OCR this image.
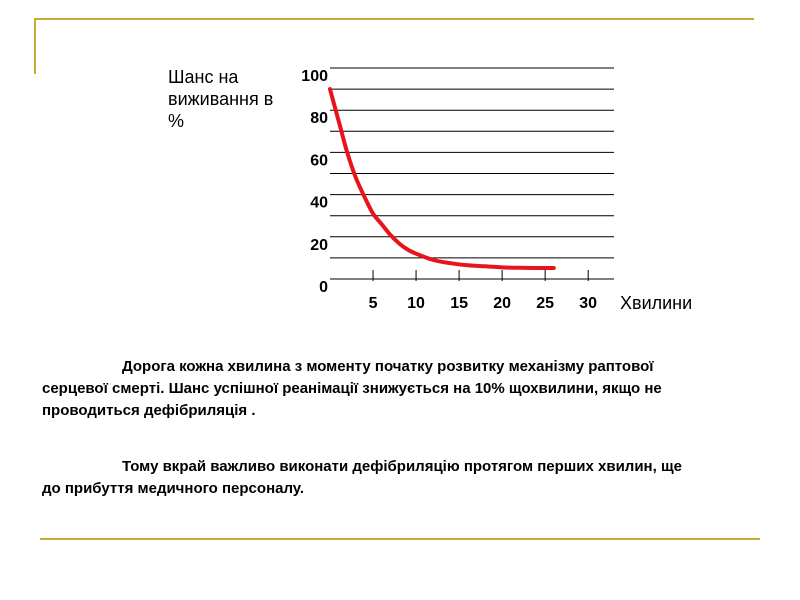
0
20
40
60
80
100
5 10 15 20 25 30
Шанс на виживання в %
Хвилини
Дорога кожна хвилина з моменту початку розвитку механізму раптової серцевої смерті. Шанс успішної реанімації знижується на 10% щохвилини, якщо не проводиться дефібриляція .
Тому вкрай важливо виконати дефібриляцію протягом перших хвилин, ще до прибуття медичного персоналу.
